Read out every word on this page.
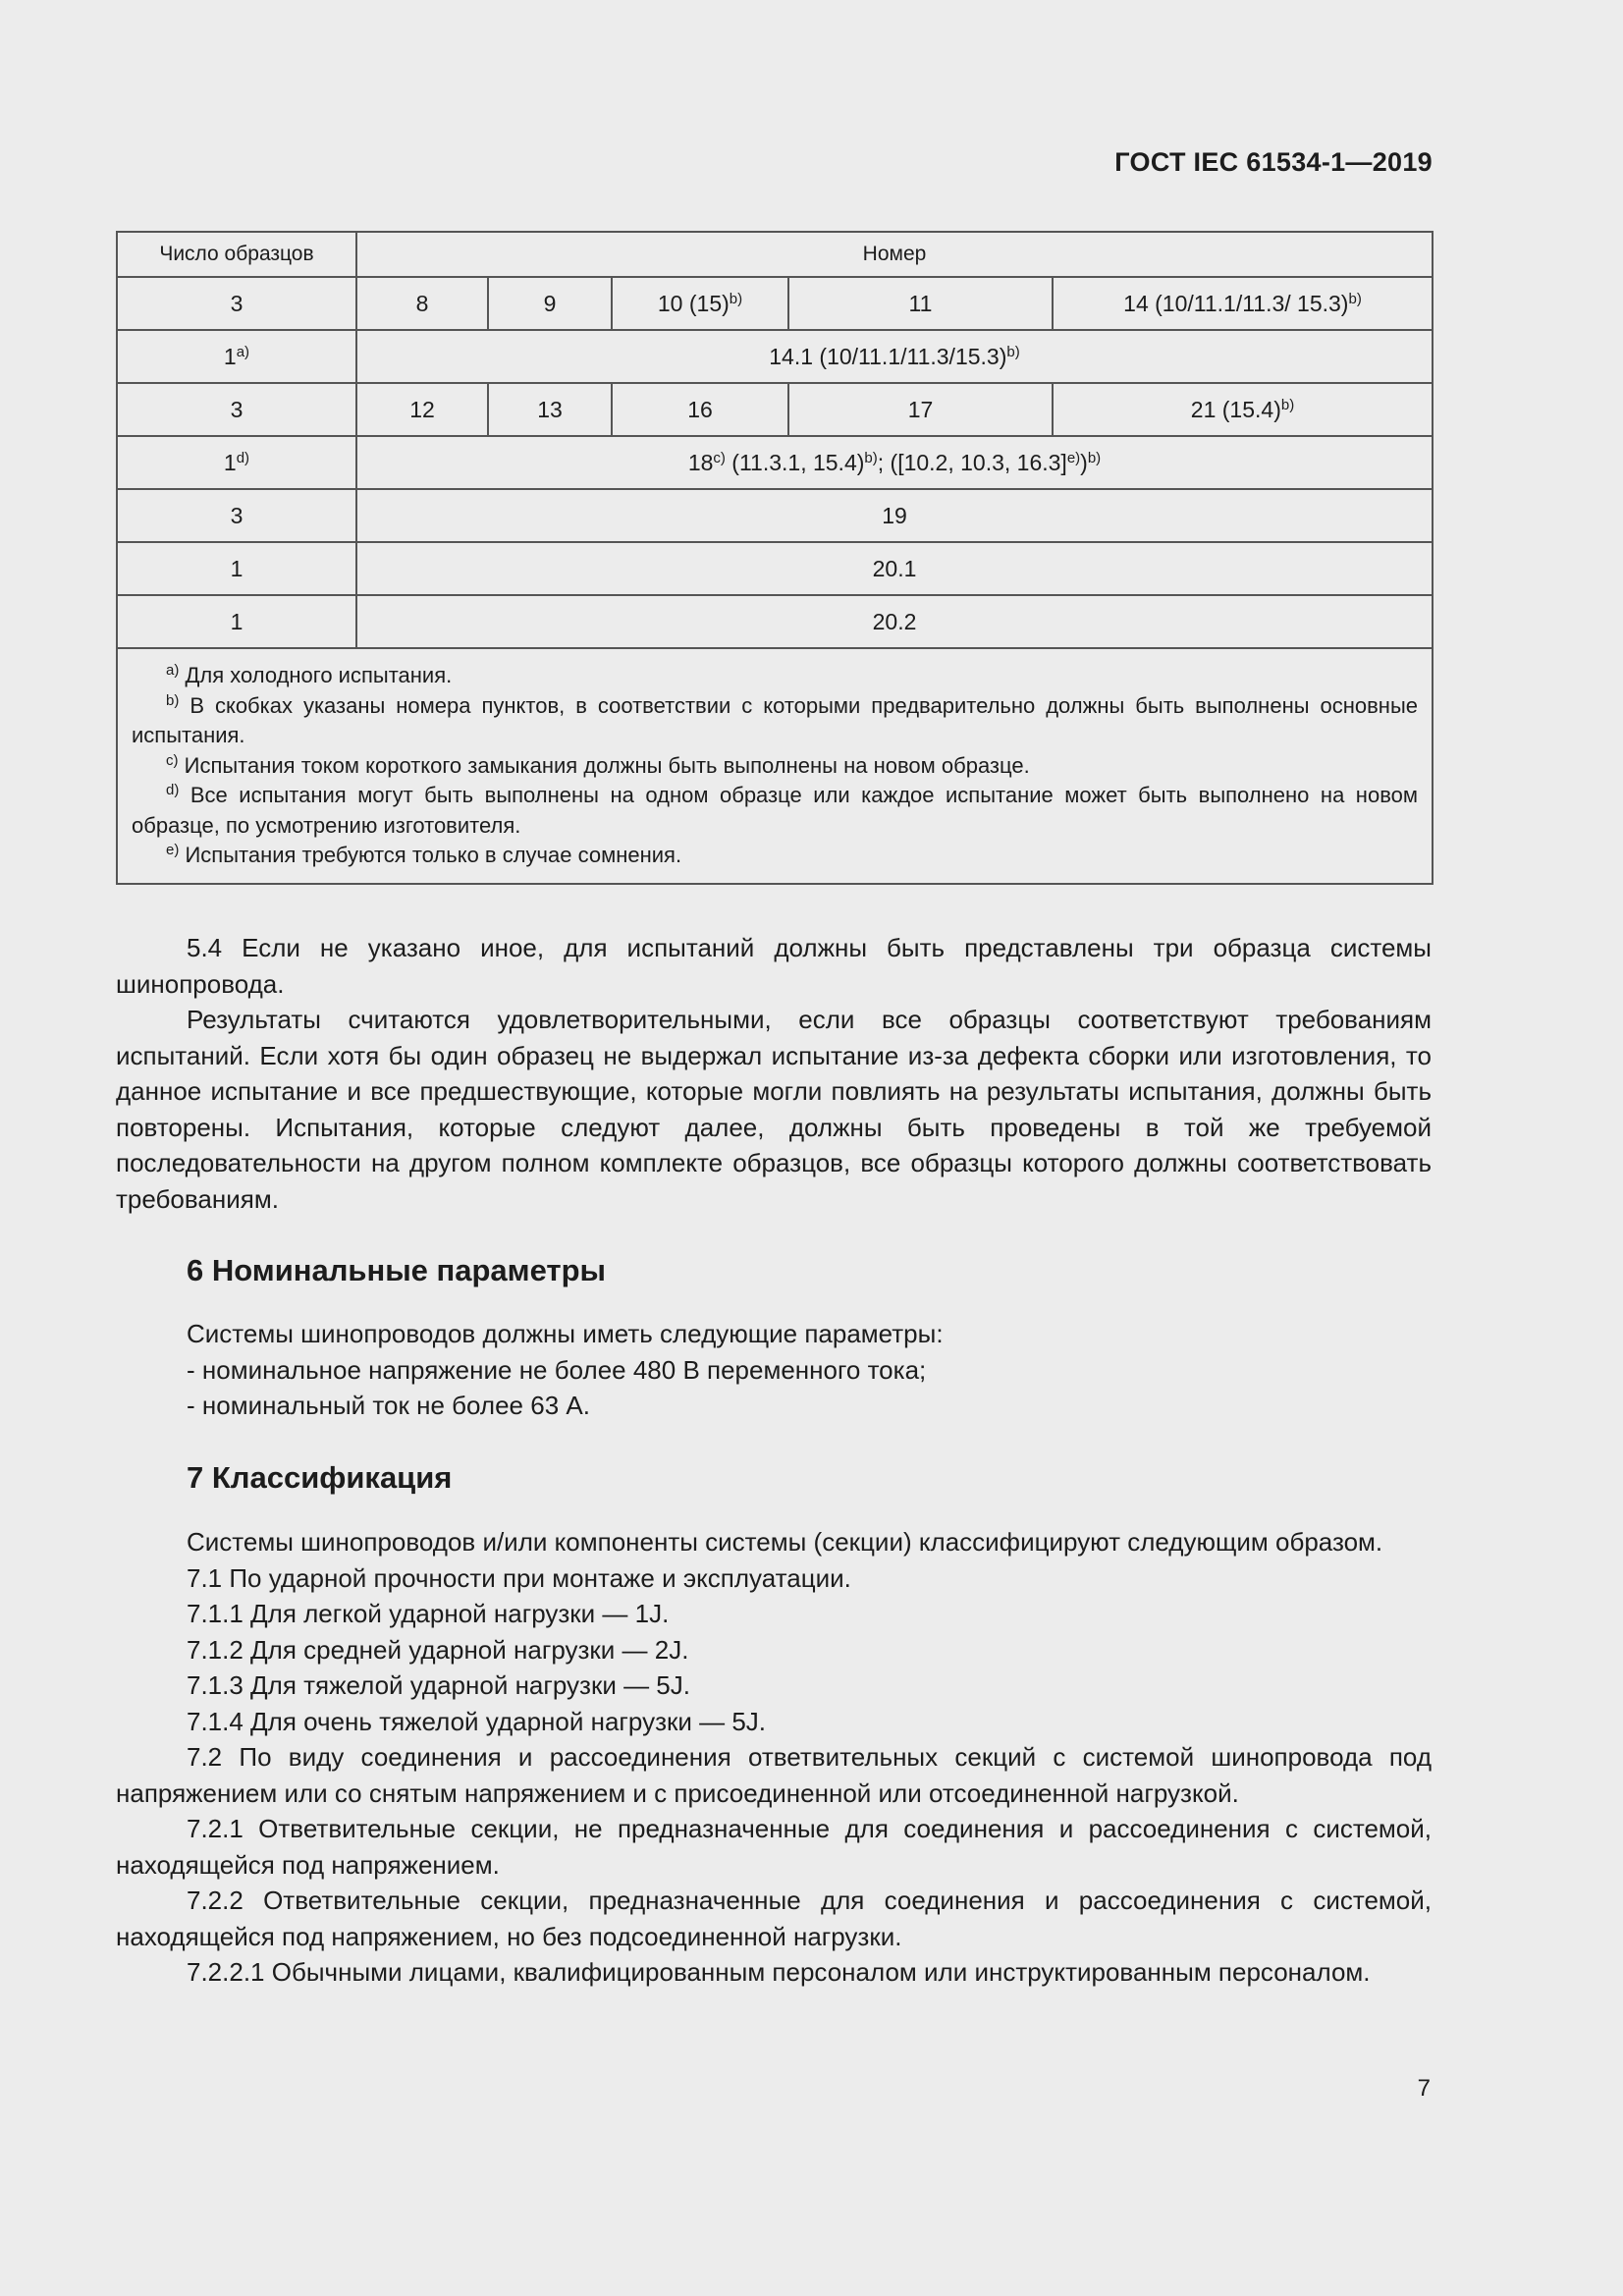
ГОСТ IEC 61534-1—2019
Число образцов	Номер				
3	8	9	10 $(15)^{b)}$	11	14 (10/11.1/11.3/ 15.3)$^{b)}$
1$^{a)}$	14.1 $(10/11.1/11.3/15.3)^{b)}$
3	12	13	16	17	21 $(15.4)^{b)}$
1$^{d)}$	18$^{c)}$ (11.3.1, 15.4)$^{b)}$; ([10.2, 10.3, 16.3]$^{e)}$)$^{b)}$
3	19				
1	20.1				
1	20.2				

$^{a)}$ Для холодного испытания.
$^{b)}$ В скобках указаны номера пунктов, в соответствии с которыми предварительно должны быть выполнены основные испытания.
$^{c)}$ Испытания током короткого замыкания должны быть выполнены на новом образце.
$^{d)}$ Все испытания могут быть выполнены на одном образце или каждое испытание может быть выполнено на новом образце, по усмотрению изготовителя.
$^{e)}$ Испытания требуются только в случае сомнения.					

5.4 Если не указано иное, для испытаний должны быть представлены три образца системы шинопровода.

Результаты считаются удовлетворительными, если все образцы соответствуют требованиям испытаний. Если хотя бы один образец не выдержал испытание из-за дефекта сборки или изготовления, то данное испытание и все предшествующие, которые могли повлиять на результаты испытания, должны быть повторены. Испытания, которые следуют далее, должны быть проведены в той же требуемой последовательности на другом полном комплекте образцов, все образцы которого должны соответствовать требованиям.

6 Номинальные параметры

Системы шинопроводов должны иметь следующие параметры:

- номинальное напряжение не более 480 В переменного тока;

- номинальный ток не более 63 А.

7 Классификация

Системы шинопроводов и/или компоненты системы (секции) классифицируют следующим образом.

7.1 По ударной прочности при монтаже и эксплуатации.

7.1.1 Для легкой ударной нагрузки — 1J.

7.1.2 Для средней ударной нагрузки — 2J.

7.1.3 Для тяжелой ударной нагрузки — 5J.

7.1.4 Для очень тяжелой ударной нагрузки — 5J.

7.2 По виду соединения и рассоединения ответвительных секций с системой шинопровода под напряжением или со снятым напряжением и с присоединенной или отсоединенной нагрузкой.

7.2.1 Ответвительные секции, не предназначенные для соединения и рассоединения с системой, находящейся под напряжением.

7.2.2 Ответвительные секции, предназначенные для соединения и рассоединения с системой, находящейся под напряжением, но без подсоединенной нагрузки.

7.2.2.1 Обычными лицами, квалифицированным персоналом или инструктированным персоналом.

7
